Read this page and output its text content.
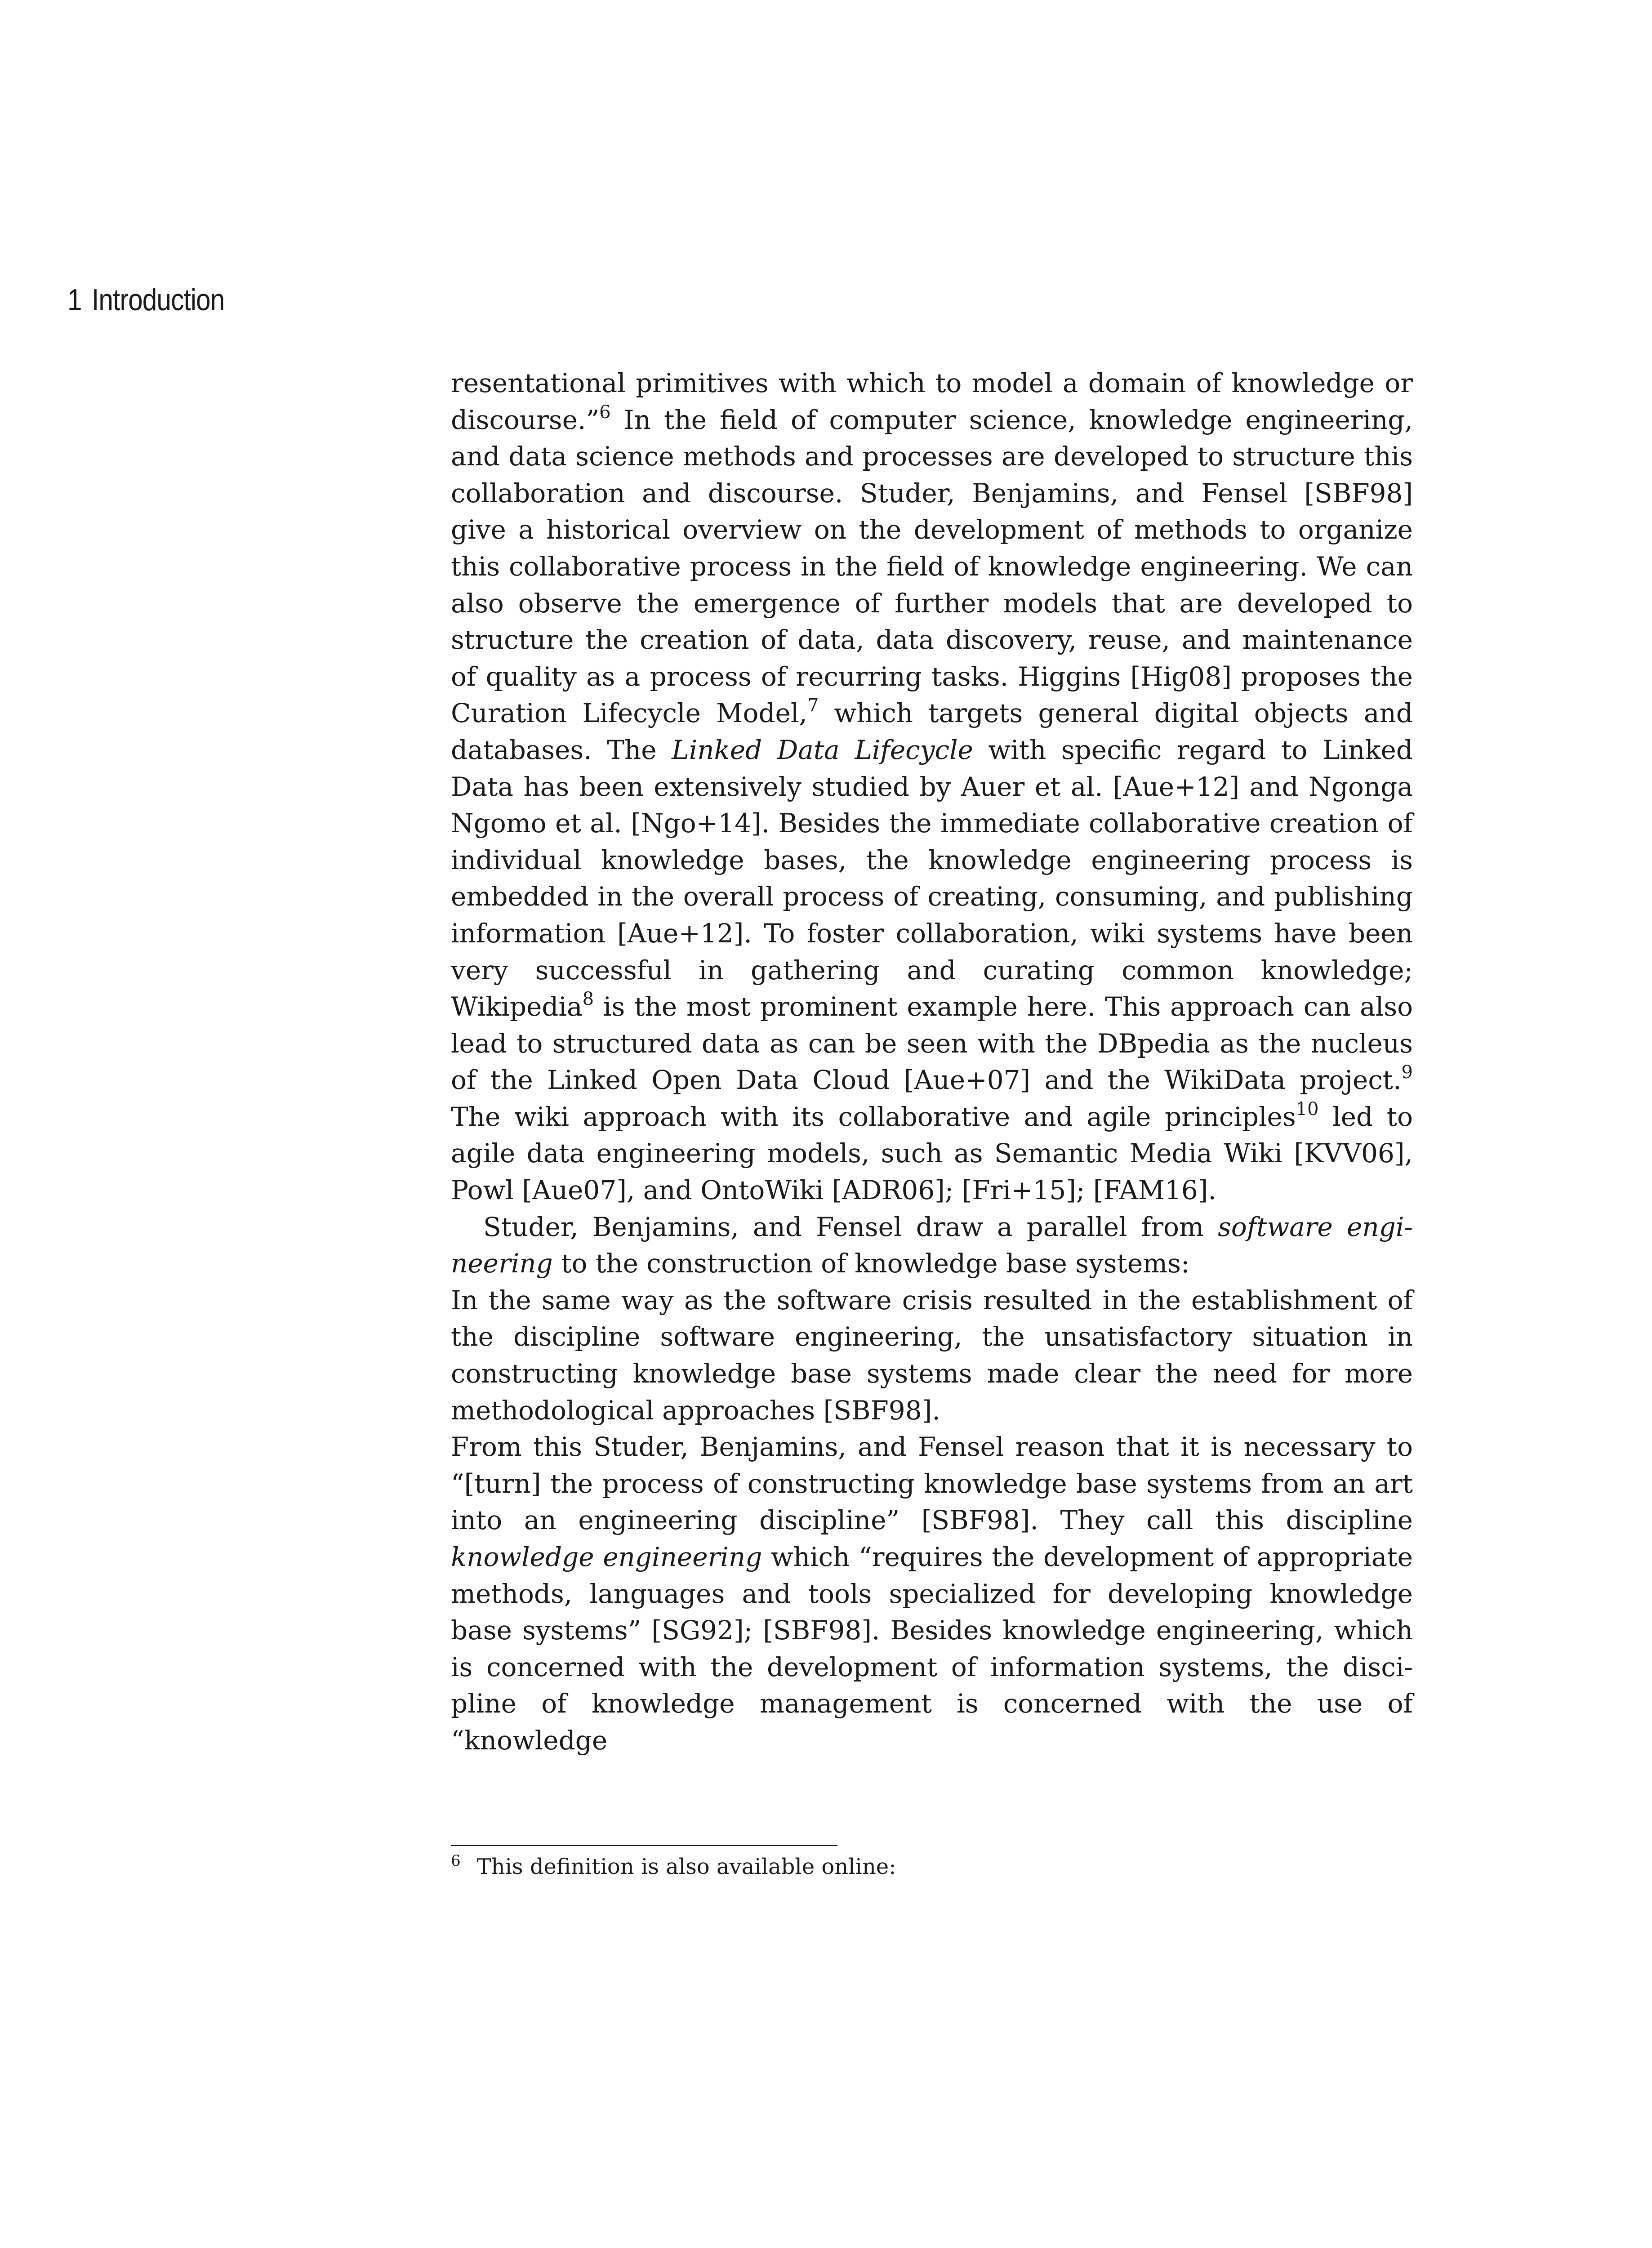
1 Introduction

resentational primitives with which to model a domain of knowledge or discourse.”$^6$ In the field of computer science, knowledge engineering, and data science methods and processes are developed to structure this collaboration and discourse. Studer, Benjamins, and Fensel [SBF98] give a historical overview on the development of methods to organize this collaborative process in the field of knowledge engineering. We can also observe the emergence of further models that are developed to structure the creation of data, data discovery, reuse, and maintenance of quality as a process of recurring tasks. Higgins [Hig08] proposes the Curation Lifecycle Model,$^7$ which targets general digital objects and databases. The Linked Data Lifecycle with specific regard to Linked Data has been extensively studied by Auer et al. [Aue+12] and Ngonga Ngomo et al. [Ngo+14]. Besides the immediate collaborative creation of individual knowledge bases, the knowledge engineering process is embedded in the overall process of creating, consuming, and publishing information [Aue+12]. To foster collaboration, wiki systems have been very successful in gathering and curating common knowledge; Wikipedia$^8$ is the most prominent example here. This approach can also lead to structured data as can be seen with the DBpedia as the nucleus of the Linked Open Data Cloud [Aue+07] and the WikiData project.$^9$ The wiki approach with its collaborative and agile principles$^{10}$ led to agile data engineering models, such as Semantic Media Wiki [KVV06], Powl [Aue07], and OntoWiki [ADR06]; [Fri+15]; [FAM16].

Studer, Benjamins, and Fensel draw a parallel from software engineering to the construction of knowledge base systems:

In the same way as the software crisis resulted in the establishment of the discipline software engineering, the unsatisfactory situation in constructing knowledge base systems made clear the need for more methodological approaches [SBF98].

From this Studer, Benjamins, and Fensel reason that it is necessary to “[turn] the process of constructing knowledge base systems from an art into an engineering discipline” [SBF98]. They call this discipline knowledge engineering which “requires the development of appropriate methods, languages and tools specialized for developing knowledge base systems” [SG92]; [SBF98]. Besides knowledge engineering, which is concerned with the development of information systems, the discipline of knowledge management is concerned with the use of “knowledge

$^6$ This definition is also available online:
